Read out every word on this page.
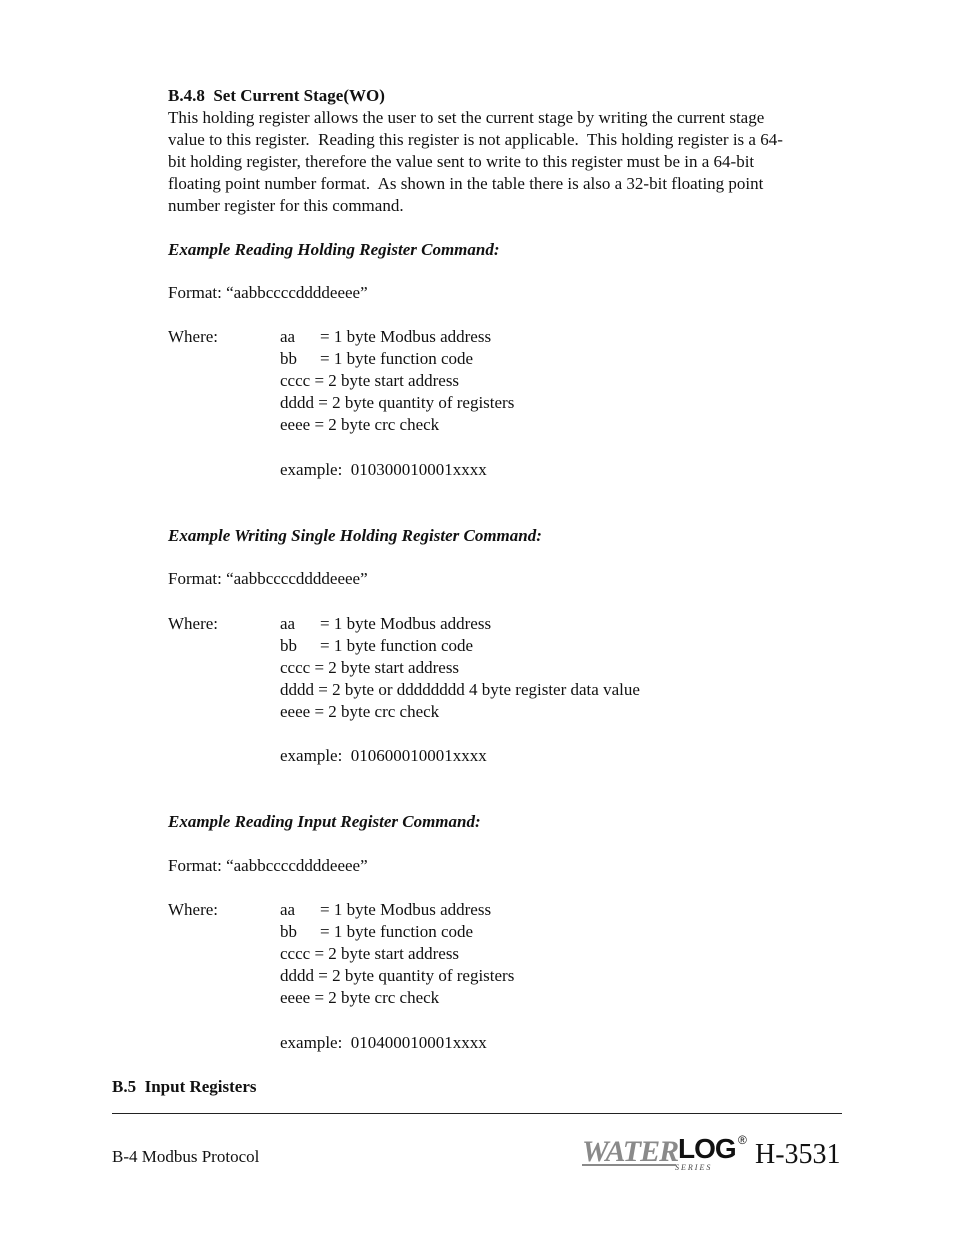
B.4.8  Set Current Stage(WO)
This holding register allows the user to set the current stage by writing the current stage
value to this register.  Reading this register is not applicable.  This holding register is a 64-
bit holding register, therefore the value sent to write to this register must be in a 64-bit
floating point number format.  As shown in the table there is also a 32-bit floating point
number register for this command.
Example Reading Holding Register Command:
Format: “aabbccccddddeeee”
Where:	aa = 1 byte Modbus address
bb = 1 byte function code
cccc = 2 byte start address
dddd = 2 byte quantity of registers
eeee = 2 byte crc check
example:  010300010001xxxx
Example Writing Single Holding Register Command:
Format: “aabbccccddddeeee”
Where:	aa = 1 byte Modbus address
bb = 1 byte function code
cccc = 2 byte start address
dddd = 2 byte or dddddddd 4 byte register data value
eeee = 2 byte crc check
example:  010600010001xxxx
Example Reading Input Register Command:
Format: “aabbccccddddeeee”
Where:	aa = 1 byte Modbus address
bb = 1 byte function code
cccc = 2 byte start address
dddd = 2 byte quantity of registers
eeee = 2 byte crc check
example:  010400010001xxxx
B.5  Input Registers
B-4 Modbus Protocol	WATER LOG
S E R I E S
® H-3531
